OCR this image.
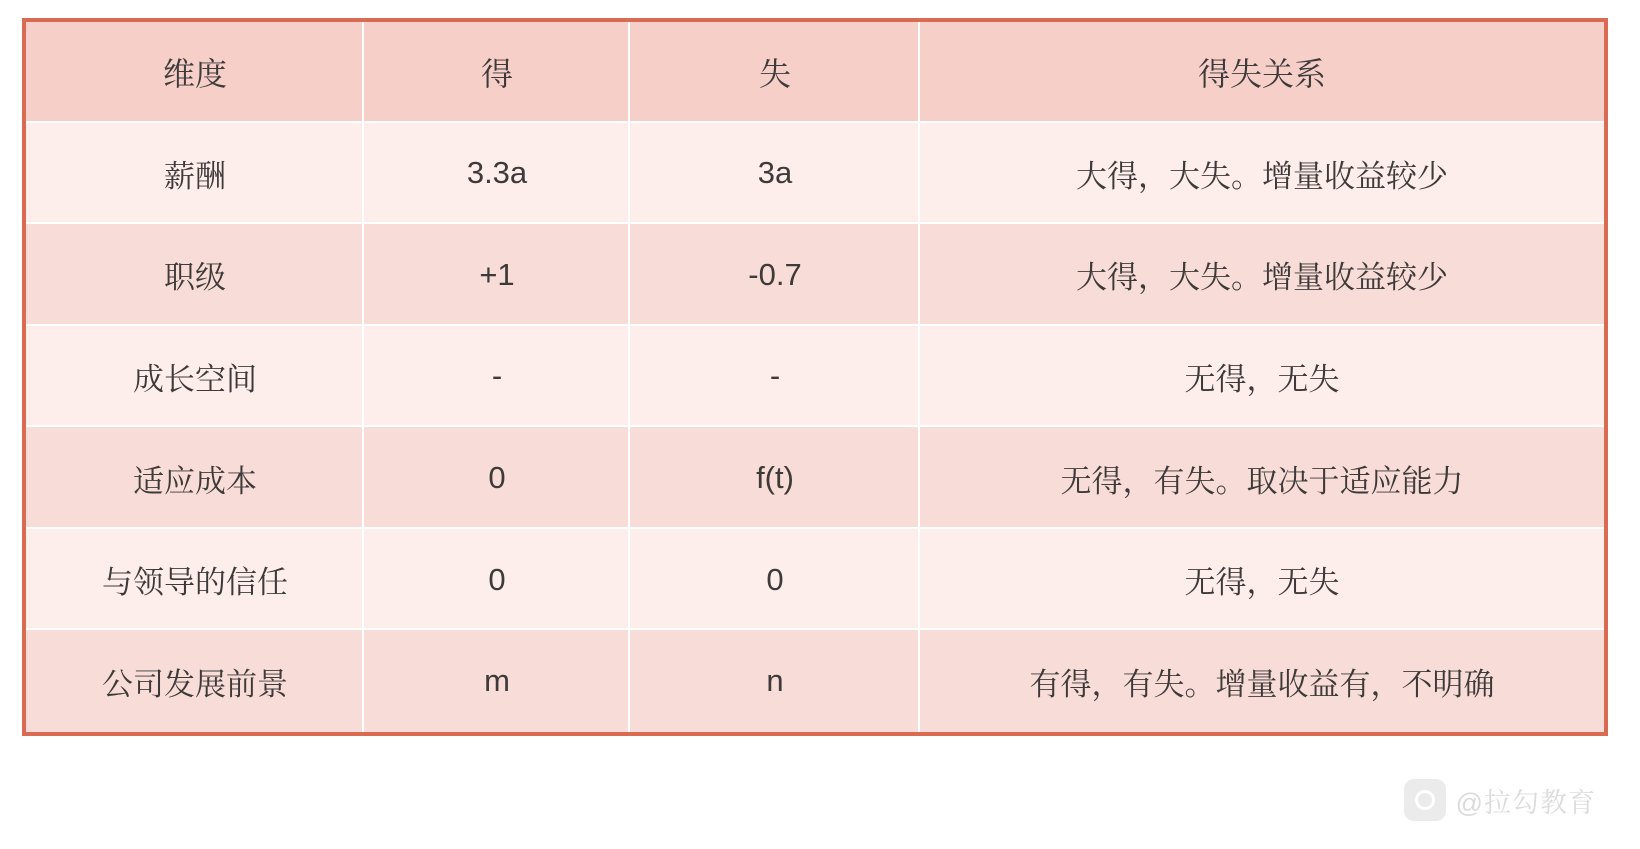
维度	得	失	得失关系
薪酬	3.3a	3a	大得，大失。增量收益较少
职级	+1	-0.7	大得，大失。增量收益较少
成长空间	-	-	无得，无失
适应成本	0	f(t)	无得，有失。取决于适应能力
与领导的信任	0	0	无得，无失
公司发展前景	m	n	有得，有失。增量收益有，不明确
@拉勾教育
